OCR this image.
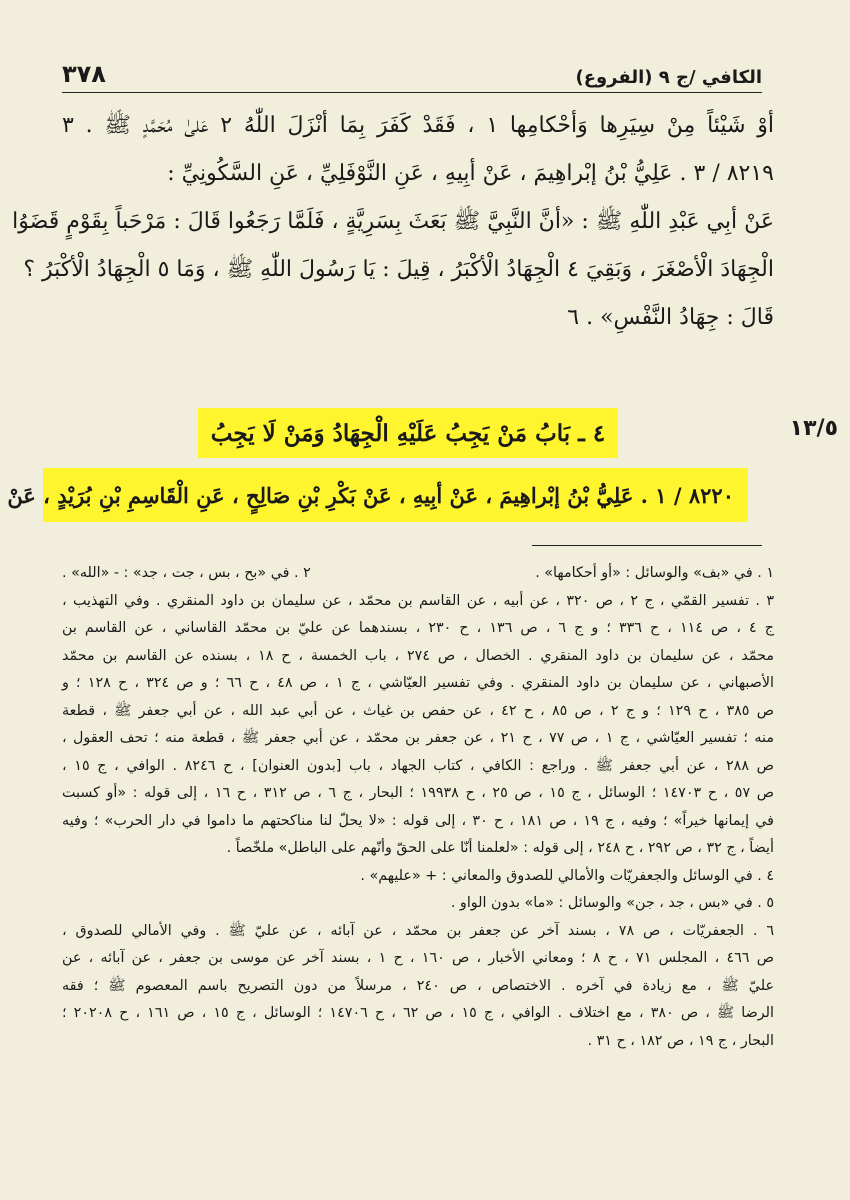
الكافي /ج ٩ (الفروع)
٣٧٨
أوْ شَيْئاً مِنْ سِيَرِها وَأحْكامِها ١ ، فَقَدْ كَفَرَ بِمَا أنْزَلَ اللّٰهُ ٢ عَلىٰ مُحَمَّدٍ ﷺ . ٣
٨٢١٩ / ٣ . عَلِيُّ بْنُ إبْراهِيمَ ، عَنْ أبِيهِ ، عَنِ النَّوْفَلِيِّ ، عَنِ السَّكُونِيِّ :
عَنْ أبِي عَبْدِ اللّٰهِ ﷺ : «أنَّ النَّبِيَّ ﷺ بَعَثَ بِسَرِيَّةٍ ، فَلَمَّا رَجَعُوا قَالَ : مَرْحَباً بِقَوْمٍ قَضَوُا
الْجِهَادَ الْأصْغَرَ ، وَبَقِيَ ٤ الْجِهَادُ الْأكْبَرُ ، قِيلَ : يَا رَسُولَ اللّٰهِ ﷺ ، وَمَا ٥ الْجِهَادُ الْأكْبَرُ ؟
قَالَ : جِهَادُ النَّفْسِ» . ٦
٤ ـ بَابُ مَنْ يَجِبُ عَلَيْهِ الْجِهَادُ وَمَنْ لَا يَجِبُ	١٣/٥
٨٢٢٠ / ١ . عَلِيُّ بْنُ إبْراهِيمَ ، عَنْ أبِيهِ ، عَنْ بَكْرِ بْنِ صَالِحٍ ، عَنِ الْقَاسِمِ بْنِ بُرَيْدٍ ، عَنْ
١ . في «بف» والوسائل : «أو أحكامها» .
٢ . في «بح ، بس ، جت ، جد» : - «الله» .
٣ . تفسير القمّي ، ج ٢ ، ص ٣٢٠ ، عن أبيه ، عن القاسم بن محمّد ، عن سليمان بن داود المنقري . وفي التهذيب ،
ج ٤ ، ص ١١٤ ، ح ٣٣٦ ؛ و ج ٦ ، ص ١٣٦ ، ح ٢٣٠ ، بسندهما عن عليّ بن محمّد القاساني ، عن القاسم بن
محمّد ، عن سليمان بن داود المنقري . الخصال ، ص ٢٧٤ ، باب الخمسة ، ح ١٨ ، بسنده عن القاسم بن محمّد
الأصبهاني ، عن سليمان بن داود المنقري . وفي تفسير العيّاشي ، ج ١ ، ص ٤٨ ، ح ٦٦ ؛ و ص ٣٢٤ ، ح ١٢٨ ؛ و
ص ٣٨٥ ، ح ١٢٩ ؛ و ج ٢ ، ص ٨٥ ، ح ٤٢ ، عن حفص بن غياث ، عن أبي عبد الله ، عن أبي جعفر ﷺ ، قطعة
منه ؛ تفسير العيّاشي ، ج ١ ، ص ٧٧ ، ح ٢١ ، عن جعفر بن محمّد ، عن أبي جعفر ﷺ ، قطعة منه ؛ تحف العقول ،
ص ٢٨٨ ، عن أبي جعفر ﷺ . وراجع : الكافي ، كتاب الجهاد ، باب [بدون العنوان] ، ح ٨٢٤٦ . الوافي ، ج ١٥ ،
ص ٥٧ ، ح ١٤٧٠٣ ؛ الوسائل ، ج ١٥ ، ص ٢٥ ، ح ١٩٩٣٨ ؛ البحار ، ج ٦ ، ص ٣١٢ ، ح ١٦ ، إلى قوله : «أو كسبت
في إيمانها خيراً» ؛ وفيه ، ج ١٩ ، ص ١٨١ ، ح ٣٠ ، إلى قوله : «لا يحلّ لنا مناكحتهم ما داموا في دار الحرب» ؛ وفيه
أيضاً ، ج ٣٢ ، ص ٢٩٢ ، ح ٢٤٨ ، إلى قوله : «لعلمنا أنّا على الحقّ وأنّهم على الباطل» ملخّصاً .
٤ . في الوسائل والجعفريّات والأمالي للصدوق والمعاني : + «عليهم» .
٥ . في «بس ، جد ، جن» والوسائل : «ما» بدون الواو .
٦ . الجعفريّات ، ص ٧٨ ، بسند آخر عن جعفر بن محمّد ، عن آبائه ، عن عليّ ﷺ . وفي الأمالي للصدوق ،
ص ٤٦٦ ، المجلس ٧١ ، ح ٨ ؛ ومعاني الأخبار ، ص ١٦٠ ، ح ١ ، بسند آخر عن موسى بن جعفر ، عن آبائه ، عن
عليّ ﷺ ، مع زيادة في آخره . الاختصاص ، ص ٢٤٠ ، مرسلاً من دون التصريح باسم المعصوم ﷺ ؛ فقه
الرضا ﷺ ، ص ٣٨٠ ، مع اختلاف . الوافي ، ج ١٥ ، ص ٦٢ ، ح ١٤٧٠٦ ؛ الوسائل ، ج ١٥ ، ص ١٦١ ، ح ٢٠٢٠٨ ؛
البحار ، ج ١٩ ، ص ١٨٢ ، ح ٣١ .
